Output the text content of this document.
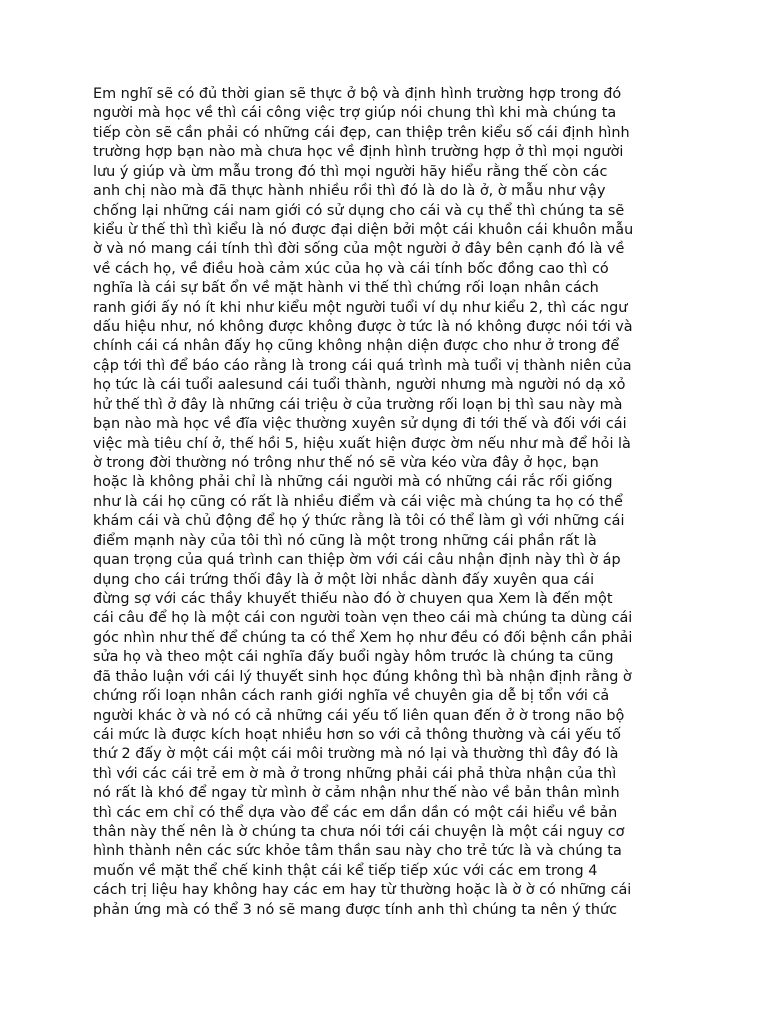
Em nghĩ sẽ có đủ thời gian sẽ thực ở bộ và định hình trường hợp trong đó
người mà học về thì cái công việc trợ giúp nói chung thì khi mà chúng ta
tiếp còn sẽ cần phải có những cái đẹp, can thiệp trên kiểu số cái định hình
trường hợp bạn nào mà chưa học về định hình trường hợp ở thì mọi người
lưu ý giúp và ừm mẫu trong đó thì mọi người hãy hiểu rằng thế còn các
anh chị nào mà đã thực hành nhiều rồi thì đó là do là ở, ờ mẫu như vậy
chống lại những cái nam giới có sử dụng cho cái và cụ thể thì chúng ta sẽ
kiểu ừ thế thì thì kiểu là nó được đại diện bởi một cái khuôn cái khuôn mẫu
ờ và nó mang cái tính thì đời sống của một người ở đây bên cạnh đó là về
về cách họ, về điều hoà cảm xúc của họ và cái tính bốc đồng cao thì có
nghĩa là cái sự bất ổn về mặt hành vi thế thì chứng rối loạn nhân cách
ranh giới ấy nó ít khi như kiểu một người tuổi ví dụ như kiểu 2, thì các ngư
dấu hiệu như, nó không được không được ờ tức là nó không được nói tới và
chính cái cá nhân đấy họ cũng không nhận diện được cho như ở trong để
cập tới thì để báo cáo rằng là trong cái quá trình mà tuổi vị thành niên của
họ tức là cái tuổi aalesund cái tuổi thành, người nhưng mà người nó dạ xỏ
hử thế thì ở đây là những cái triệu ờ của trường rối loạn bị thì sau này mà
bạn nào mà học về đĩa việc thường xuyên sử dụng đi tới thế và đối với cái
việc mà tiêu chí ở, thế hồi 5, hiệu xuất hiện được ờm nếu như mà để hỏi là
ờ trong đời thường nó trông như thế nó sẽ vừa kéo vừa đây ở học, bạn
hoặc là không phải chỉ là những cái người mà có những cái rắc rối giống
như là cái họ cũng có rất là nhiều điểm và cái việc mà chúng ta họ có thể
khám cái và chủ động để họ ý thức rằng là tôi có thể làm gì với những cái
điểm mạnh này của tôi thì nó cũng là một trong những cái phần rất là
quan trọng của quá trình can thiệp ờm với cái câu nhận định này thì ờ áp
dụng cho cái trứng thối đây là ở một lời nhắc dành đấy xuyên qua cái
đừng sợ với các thầy khuyết thiếu nào đó ờ chuyen qua Xem là đến một
cái câu để họ là một cái con người toàn vẹn theo cái mà chúng ta dùng cái
góc nhìn như thế để chúng ta có thể Xem họ như đều có đối bệnh cần phải
sửa họ và theo một cái nghĩa đấy buổi ngày hôm trước là chúng ta cũng
đã thảo luận với cái lý thuyết sinh học đúng không thì bà nhận định rằng ờ
chứng rối loạn nhân cách ranh giới nghĩa về chuyên gia dễ bị tổn với cả
người khác ờ và nó có cả những cái yếu tố liên quan đến ở ờ trong não bộ
cái mức là được kích hoạt nhiều hơn so với cả thông thường và cái yếu tố
thứ 2 đấy ờ một cái một cái môi trường mà nó lại và thường thì đây đó là
thì với các cái trẻ em ờ mà ở trong những phải cái phả thừa nhận của thì
nó rất là khó để ngay từ mình ờ cảm nhận như thế nào về bản thân mình
thì các em chỉ có thể dựa vào để các em dần dần có một cái hiểu về bản
thân này thế nên là ờ chúng ta chưa nói tới cái chuyện là một cái nguy cơ
hình thành nên các sức khỏe tâm thần sau này cho trẻ tức là và chúng ta
muốn về mặt thể chế kinh thật cái kể tiếp tiếp xúc với các em trong 4
cách trị liệu hay không hay các em hay từ thường hoặc là ờ ờ có những cái
phản ứng mà có thể 3 nó sẽ mang được tính anh thì chúng ta nên ý thức
